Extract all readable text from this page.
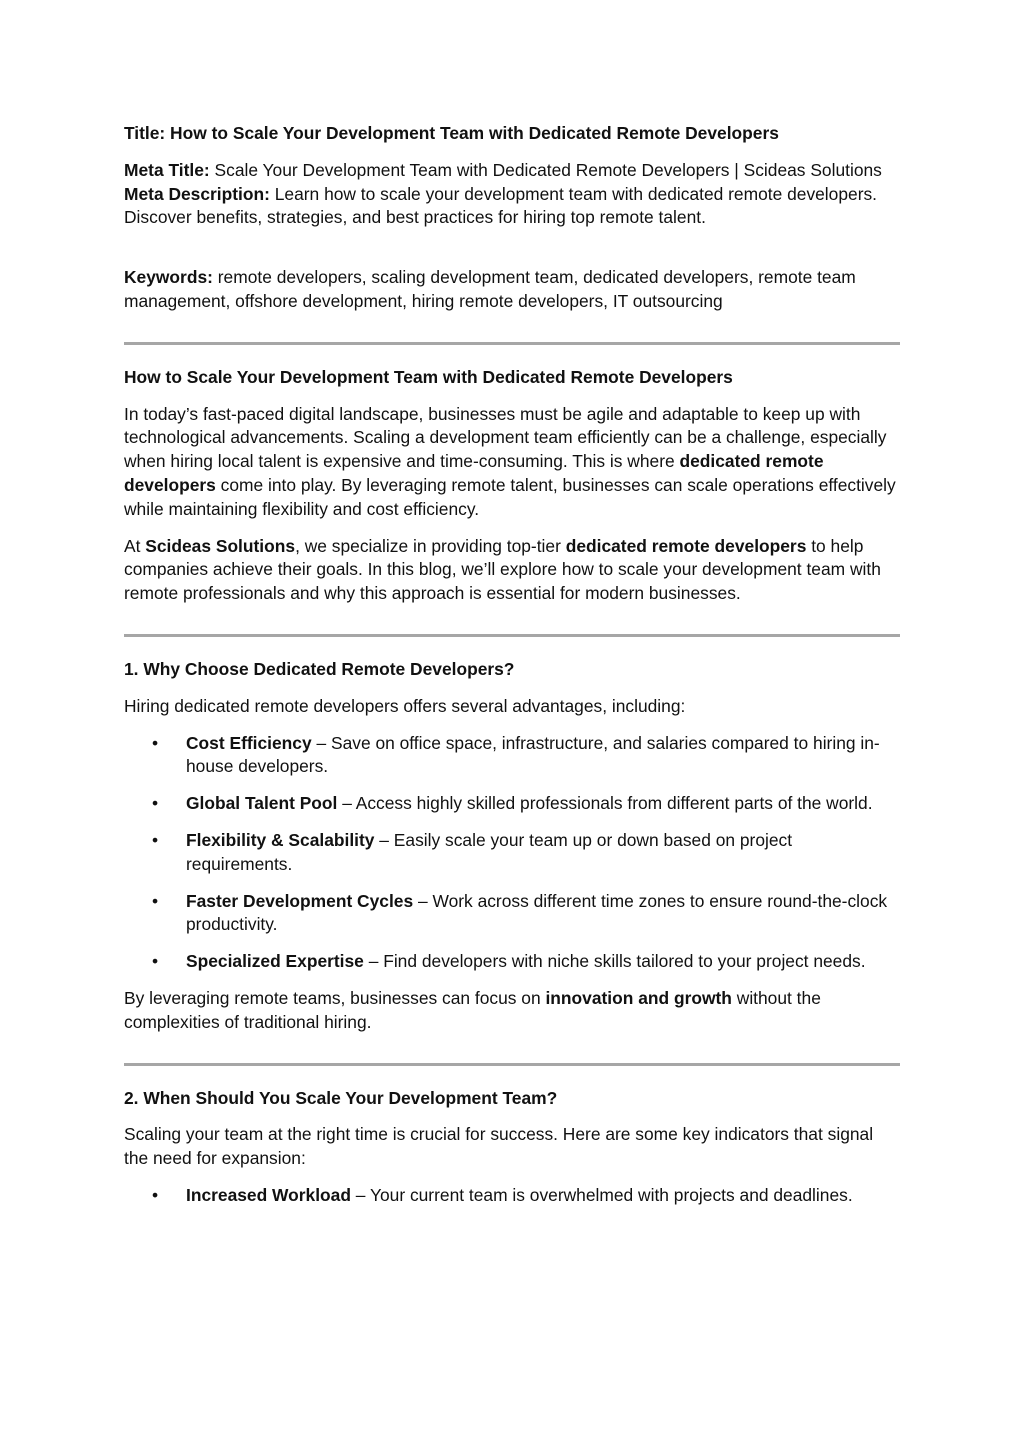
Title: How to Scale Your Development Team with Dedicated Remote Developers

Meta Title: Scale Your Development Team with Dedicated Remote Developers | Scideas Solutions

Meta Description: Learn how to scale your development team with dedicated remote developers. Discover benefits, strategies, and best practices for hiring top remote talent.

Keywords: remote developers, scaling development team, dedicated developers, remote team management, offshore development, hiring remote developers, IT outsourcing

How to Scale Your Development Team with Dedicated Remote Developers

In today’s fast-paced digital landscape, businesses must be agile and adaptable to keep up with technological advancements. Scaling a development team efficiently can be a challenge, especially when hiring local talent is expensive and time-consuming. This is where dedicated remote developers come into play. By leveraging remote talent, businesses can scale operations effectively while maintaining flexibility and cost efficiency.

At Scideas Solutions, we specialize in providing top-tier dedicated remote developers to help companies achieve their goals. In this blog, we’ll explore how to scale your development team with remote professionals and why this approach is essential for modern businesses.

1. Why Choose Dedicated Remote Developers?

Hiring dedicated remote developers offers several advantages, including:

• Cost Efficiency – Save on office space, infrastructure, and salaries compared to hiring in-house developers.
• Global Talent Pool – Access highly skilled professionals from different parts of the world.
• Flexibility & Scalability – Easily scale your team up or down based on project requirements.
• Faster Development Cycles – Work across different time zones to ensure round-the-clock productivity.
• Specialized Expertise – Find developers with niche skills tailored to your project needs.

By leveraging remote teams, businesses can focus on innovation and growth without the complexities of traditional hiring.

2. When Should You Scale Your Development Team?

Scaling your team at the right time is crucial for success. Here are some key indicators that signal the need for expansion:

• Increased Workload – Your current team is overwhelmed with projects and deadlines.
